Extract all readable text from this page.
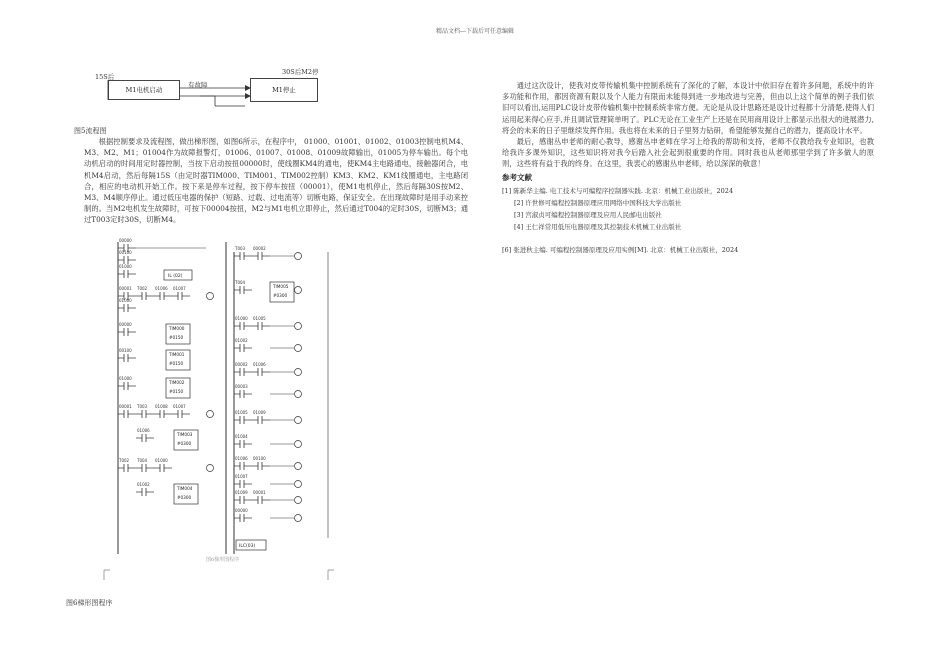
精品文档---下载后可任意编辑
15S后
有故障
30S后M2停
M1电机启动	M1停止
图5流程图
根据控制要求及流程图，做出梯形图，如图6所示，在程序中， 01000、01001、01002、01003控制电机M4、M3、M2、M1；01004作为故障报警灯，01006、01007、01008、01009故障输出，01005为停车输出。每个电动机启动的时间用定时器控制，当按下启动按扭00000时，使线圈KM4的通电，使KM4主电路通电，接触器闭合，电机M4启动，然后每隔15S（由定时器TIM000、TIM001、TIM002控制）KM3、KM2、KM1线圈通电，主电路闭合，相应的电动机开始工作。按下来是停车过程，按下停车按扭（00001），使M1电机停止，然后每隔30S按M2、M3、M4顺序停止。通过低压电器的保护（短路、过载、过电流等）切断电路，保证安全。在出现故障时是用手动来控制的。当M2电机发生故障时，可按下00004按扭，M2与M1电机立即停止，然后通过T004的定时30S，切断M3；通过T003定时30S，切断M4。
00000
00100
01000
IL (02)
00001 T002 01006 01007
01000
00000
TIM000
#0150
00100
TIM001
#0150
01000
TIM002
#0150
00001 T003 01008 01007
01006
TIM003
#0300
T002 T004 01000
01002
TIM004
#0300
T003 00002
T004
01000 01005
01002
00002 01006
00003
01005 01009
01004
01006 00100
01007
01009 00001
00000
TIM005
#0300
ILC(03)
图6梯形图程序
图6梯形图程序
通过这次设计，使我对皮带传输机集中控制系统有了深化的了解，本设计中依旧存在着许多问题，系统中的许多功能和作用，都因资源有限以及个人能力有限而未能得到进一步地改进与完善，但由以上这个简单的例子我们依旧可以看出,运用PLC设计皮带传输机集中控制系统非常方便。无论是从设计思路还是设计过程都十分清楚,使得人们运用起来得心应手,并且调试管理简单明了。PLC无论在工业生产上还是在民用商用设计上都显示出很大的进展潜力,将会的未来的日子里继续发挥作用。我也将在未来的日子里努力钻研，希望能够发掘自己的潜力，提高设计水平。
最后，感谢丛申老师的耐心教导，感谢丛申老师在学习上给我的帮助和支持，老师不仅教给我专业知识，也教给我许多课外知识，这些知识将对我今后踏入社会起到很重要的作用。同时我也从老师那里学到了许多做人的原则，这些将有益于我的终身。在这里，我衷心的感谢丛申老师，给以深深的敬意！
参考文献
[1] 陈新华主编. 电工技术与可编程序控制器实践. 北京：机械工业出版社，2024
[2] 许世修可编程控制器原理应用网络中国科技大学出版社
[3] 宫淑贞可编程控制器原理及应用人民邮电出版社
[4] 王仁祥常用低压电器原理及其控制技术机械工业出版社
[6] 张进秋主编. 可编程控制器原理及应用实例[M]. 北京：机械工业出版社，2024
